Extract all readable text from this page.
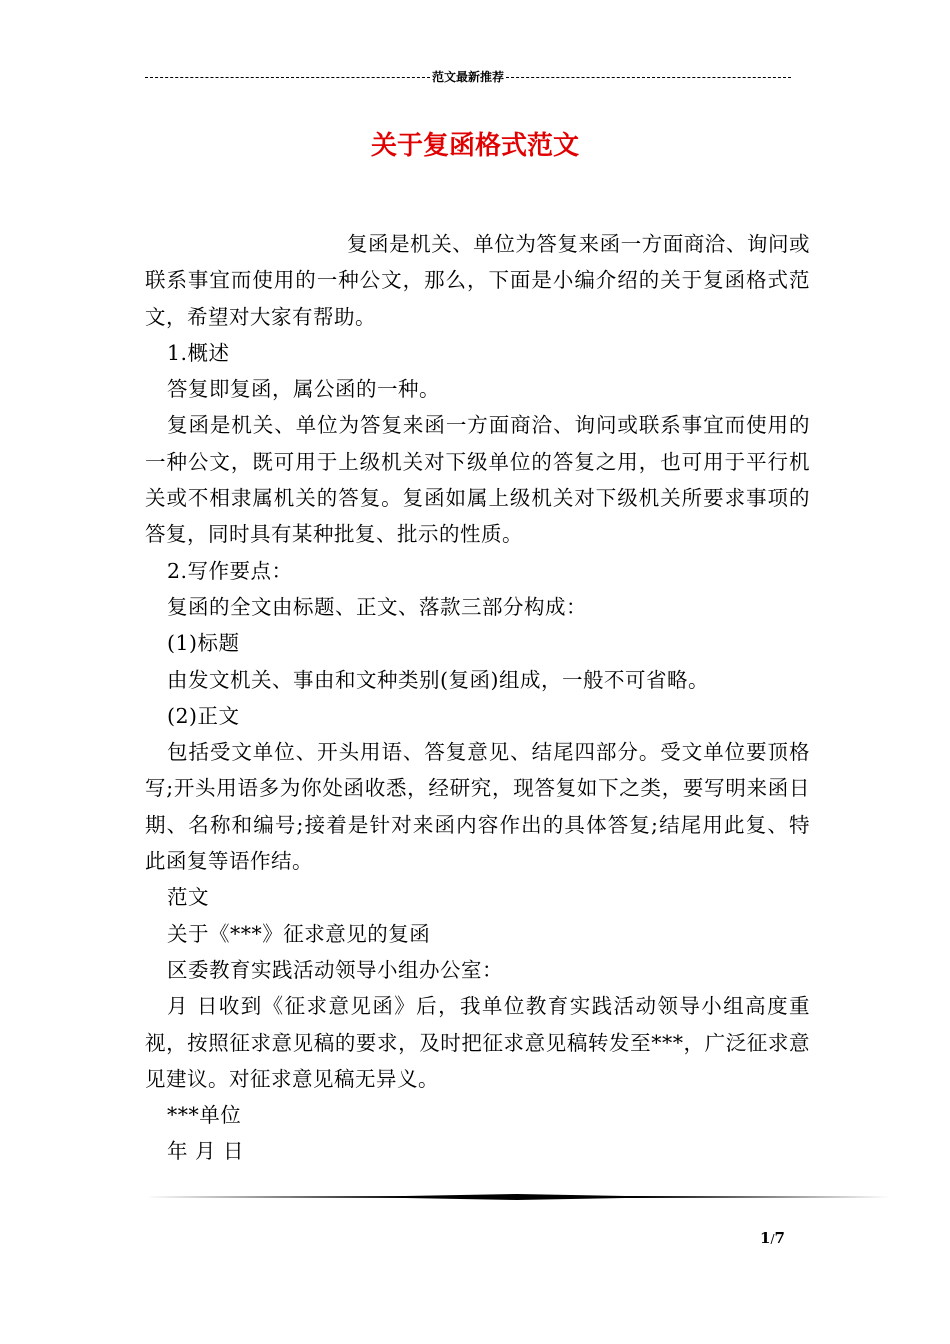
范文最新推荐
关于复函格式范文

复函是机关、单位为答复来函一方面商洽、询问或联系事宜而使用的一种公文，那么，下面是小编介绍的关于复函格式范文，希望对大家有帮助。

1.概述

答复即复函，属公函的一种。

复函是机关、单位为答复来函一方面商洽、询问或联系事宜而使用的一种公文，既可用于上级机关对下级单位的答复之用，也可用于平行机关或不相隶属机关的答复。复函如属上级机关对下级机关所要求事项的答复，同时具有某种批复、批示的性质。

2.写作要点：

复函的全文由标题、正文、落款三部分构成：

(1)标题

由发文机关、事由和文种类别(复函)组成，一般不可省略。

(2)正文

包括受文单位、开头用语、答复意见、结尾四部分。受文单位要顶格写;开头用语多为你处函收悉，经研究，现答复如下之类，要写明来函日期、名称和编号;接着是针对来函内容作出的具体答复;结尾用此复、特此函复等语作结。

范文

关于《***》征求意见的复函

区委教育实践活动领导小组办公室：

月 日收到《征求意见函》后，我单位教育实践活动领导小组高度重视，按照征求意见稿的要求，及时把征求意见稿转发至***，广泛征求意见建议。对征求意见稿无异义。

***单位

年 月 日

1/7
